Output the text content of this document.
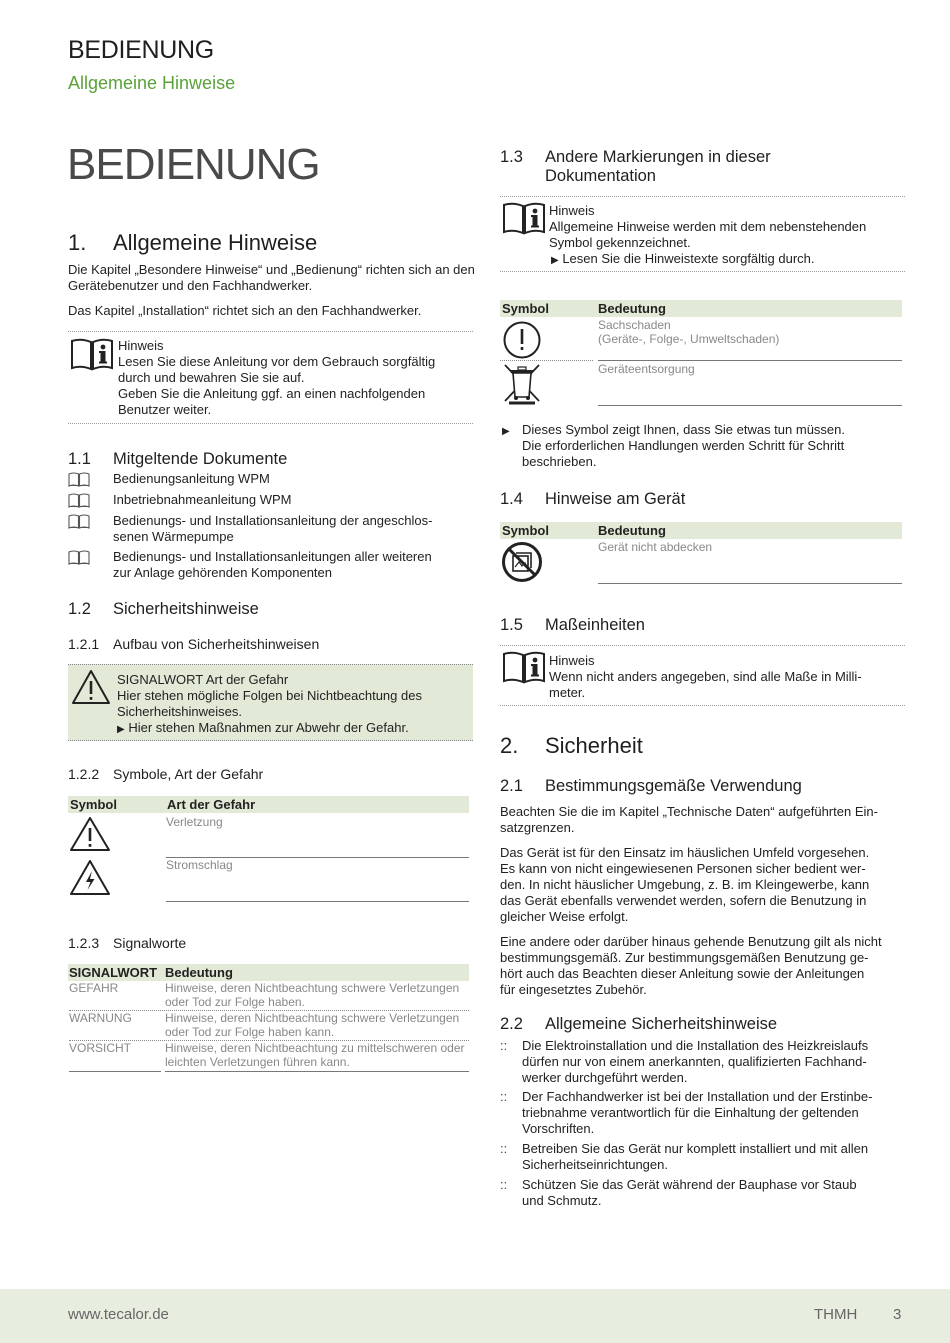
BEDIENUNG
Allgemeine Hinweise
BEDIENUNG
1. Allgemeine Hinweise
Die Kapitel „Besondere Hinweise“ und „Bedienung“ richten sich an den Gerätebenutzer und den Fachhandwerker.
Das Kapitel „Installation“ richtet sich an den Fachhandwerker.
Hinweis
Lesen Sie diese Anleitung vor dem Gebrauch sorgfältig
durch und bewahren Sie sie auf.
Geben Sie die Anleitung ggf. an einen nachfolgenden
Benutzer weiter.
1.1 Mitgeltende Dokumente
Bedienungsanleitung WPM
Inbetriebnahmeanleitung WPM
Bedienungs- und Installationsanleitung der angeschlos-
senen Wärmepumpe
Bedienungs- und Installationsanleitungen aller weiteren
zur Anlage gehörenden Komponenten
1.2 Sicherheitshinweise
1.2.1 Aufbau von Sicherheitshinweisen
SIGNALWORT Art der Gefahr
Hier stehen mögliche Folgen bei Nichtbeachtung des
Sicherheitshinweises.
▶ Hier stehen Maßnahmen zur Abwehr der Gefahr.
1.2.2 Symbole, Art der Gefahr
Symbol	Art der Gefahr
Verletzung
Stromschlag
1.2.3 Signalworte
SIGNALWORT Bedeutung
GEFAHR	Hinweise, deren Nichtbeachtung schwere Verletzungen
oder Tod zur Folge haben.
WARNUNG	Hinweise, deren Nichtbeachtung schwere Verletzungen
oder Tod zur Folge haben kann.
VORSICHT	Hinweise, deren Nichtbeachtung zu mittelschweren oder
leichten Verletzungen führen kann.
1.3 Andere Markierungen in dieser
Dokumentation
Hinweis
Allgemeine Hinweise werden mit dem nebenstehenden
Symbol gekennzeichnet.
▶ Lesen Sie die Hinweistexte sorgfältig durch.
Symbol	Bedeutung
Sachschaden
(Geräte-, Folge-, Umweltschaden)
Geräteentsorgung
▶ Dieses Symbol zeigt Ihnen, dass Sie etwas tun müssen.
Die erforderlichen Handlungen werden Schritt für Schritt
beschrieben.
1.4 Hinweise am Gerät
Symbol	Bedeutung
Gerät nicht abdecken
1.5 Maßeinheiten
Hinweis
Wenn nicht anders angegeben, sind alle Maße in Milli-
meter.
2. Sicherheit
2.1 Bestimmungsgemäße Verwendung
Beachten Sie die im Kapitel „Technische Daten“ aufgeführten Ein-
satzgrenzen.
Das Gerät ist für den Einsatz im häuslichen Umfeld vorgesehen.
Es kann von nicht eingewiesenen Personen sicher bedient wer-
den. In nicht häuslicher Umgebung, z. B. im Kleingewerbe, kann
das Gerät ebenfalls verwendet werden, sofern die Benutzung in
gleicher Weise erfolgt.
Eine andere oder darüber hinaus gehende Benutzung gilt als nicht
bestimmungsgemäß. Zur bestimmungsgemäßen Benutzung ge-
hört auch das Beachten dieser Anleitung sowie der Anleitungen
für eingesetztes Zubehör.
2.2 Allgemeine Sicherheitshinweise
:: Die Elektroinstallation und die Installation des Heizkreislaufs
dürfen nur von einem anerkannten, qualifizierten Fachhand-
werker durchgeführt werden.
:: Der Fachhandwerker ist bei der Installation und der Erstinbe-
triebnahme verantwortlich für die Einhaltung der geltenden
Vorschriften.
:: Betreiben Sie das Gerät nur komplett installiert und mit allen
Sicherheitseinrichtungen.
:: Schützen Sie das Gerät während der Bauphase vor Staub
und Schmutz.
www.tecalor.de	THMH 3
